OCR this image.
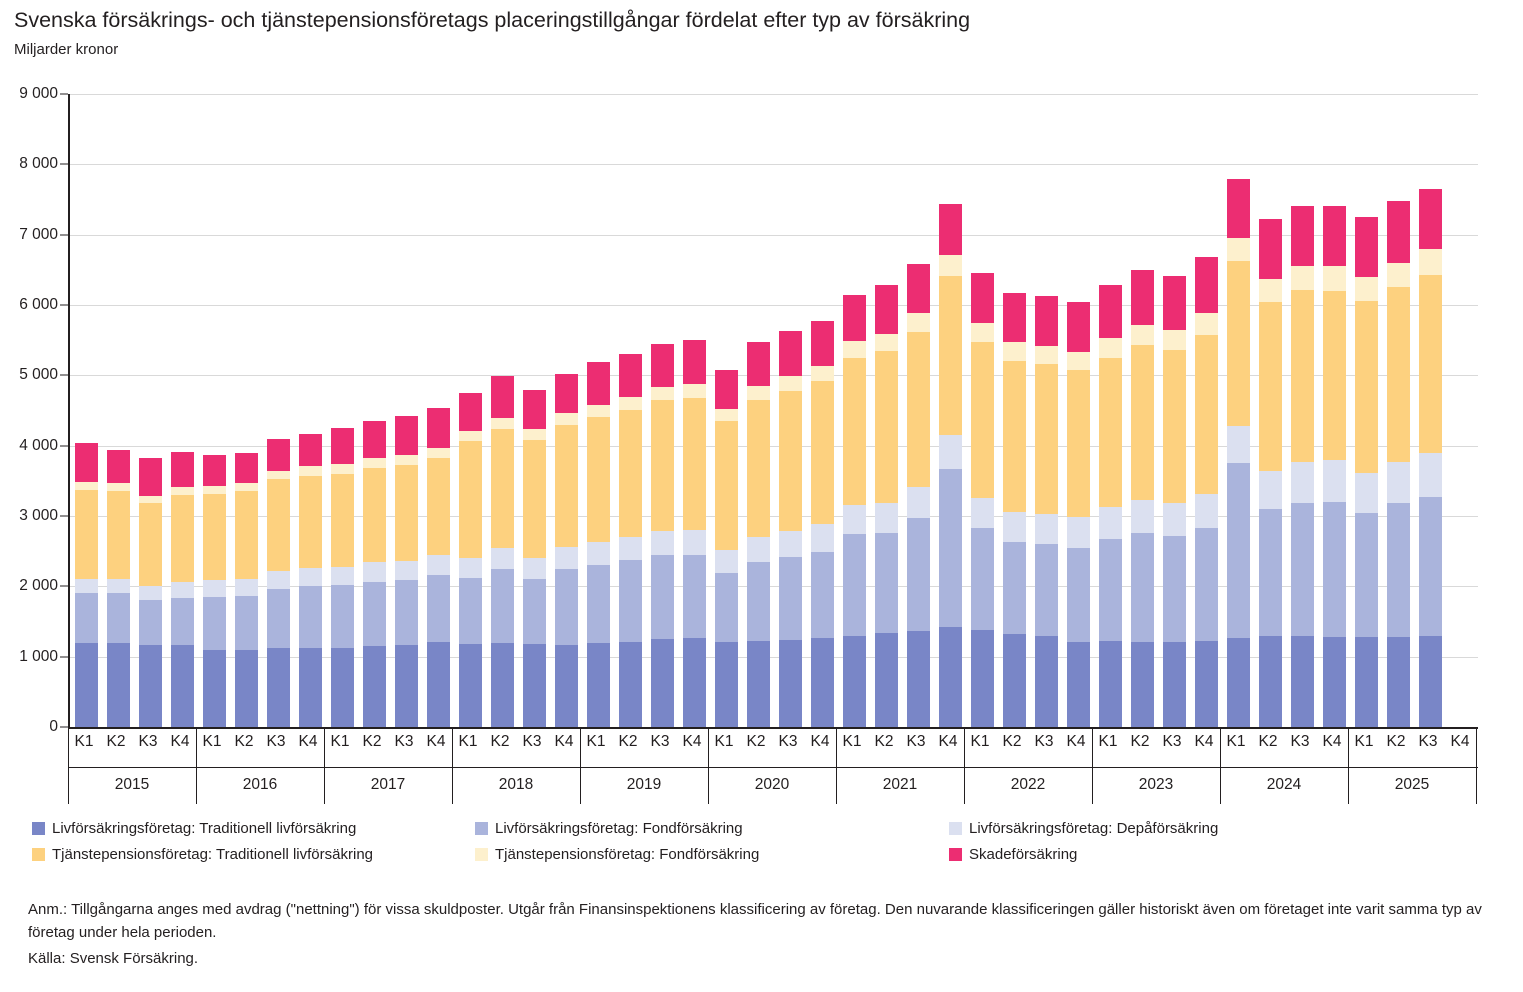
Svenska försäkrings- och tjänstepensionsföretags placeringstillgångar fördelat efter typ av försäkring
Miljarder kronor
0
1 000
2 000
3 000
4 000
5 000
6 000
7 000
8 000
9 000
K1 K2 K3 K4 K1 K2 K3 K4 K1 K2 K3 K4 K1 K2 K3 K4 K1 K2 K3 K4 K1 K2 K3 K4 K1 K2 K3 K4 K1 K2 K3 K4 K1 K2 K3 K4 K1 K2 K3 K4 K1 K2 K3 K4
2015	2016	2017	2018	2019	2020	2021	2022	2023	2024	2025
Livförsäkringsföretag: Traditionell livförsäkring	Livförsäkringsföretag: Fondförsäkring	Livförsäkringsföretag: Depåförsäkring
Tjänstepensionsföretag: Traditionell livförsäkring	Tjänstepensionsföretag: Fondförsäkring	Skadeförsäkring
Anm.: Tillgångarna anges med avdrag ("nettning") för vissa skuldposter. Utgår från Finansinspektionens klassificering av företag. Den nuvarande klassificeringen gäller historiskt även om företaget inte varit samma typ av företag under hela perioden.
Källa: Svensk Försäkring.
